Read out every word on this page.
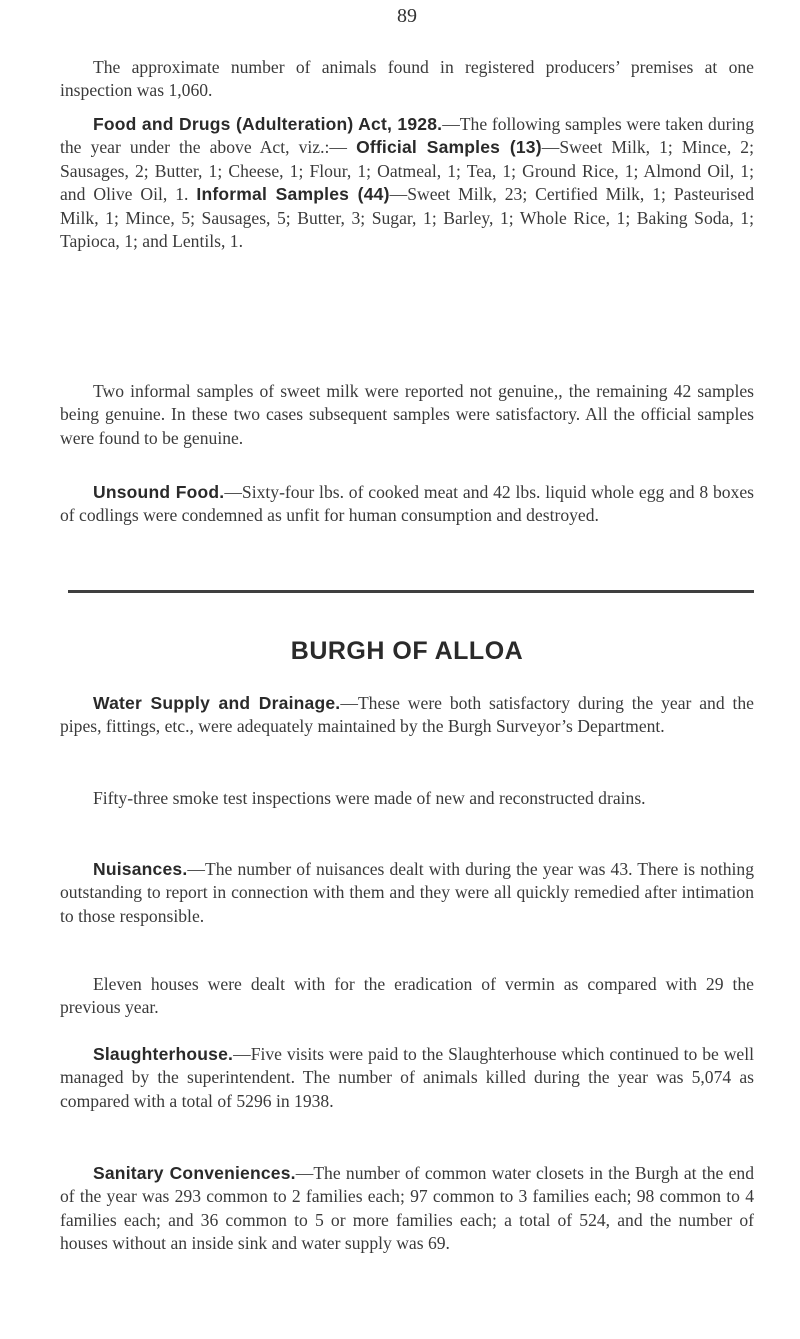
89

The approximate number of animals found in registered producers’ premises at one inspection was 1,060.

Food and Drugs (Adulteration) Act, 1928.—The following samples were taken during the year under the above Act, viz.:— Official Samples (13)—Sweet Milk, 1; Mince, 2; Sausages, 2; Butter, 1; Cheese, 1; Flour, 1; Oatmeal, 1; Tea, 1; Ground Rice, 1; Almond Oil, 1; and Olive Oil, 1. Informal Samples (44)—Sweet Milk, 23; Certified Milk, 1; Pasteurised Milk, 1; Mince, 5; Sausages, 5; Butter, 3; Sugar, 1; Barley, 1; Whole Rice, 1; Baking Soda, 1; Tapioca, 1; and Lentils, 1.

Two informal samples of sweet milk were reported not genuine,, the remaining 42 samples being genuine. In these two cases subsequent samples were satisfactory. All the official samples were found to be genuine.

Unsound Food.—Sixty-four lbs. of cooked meat and 42 lbs. liquid whole egg and 8 boxes of codlings were condemned as unfit for human consumption and destroyed.

BURGH OF ALLOA

Water Supply and Drainage.—These were both satisfactory during the year and the pipes, fittings, etc., were adequately maintained by the Burgh Surveyor’s Department.

Fifty-three smoke test inspections were made of new and reconstructed drains.

Nuisances.—The number of nuisances dealt with during the year was 43. There is nothing outstanding to report in connection with them and they were all quickly remedied after intimation to those responsible.

Eleven houses were dealt with for the eradication of vermin as compared with 29 the previous year.

Slaughterhouse.—Five visits were paid to the Slaughterhouse which continued to be well managed by the superintendent. The number of animals killed during the year was 5,074 as compared with a total of 5296 in 1938.

Sanitary Conveniences.—The number of common water closets in the Burgh at the end of the year was 293 common to 2 families each; 97 common to 3 families each; 98 common to 4 families each; and 36 common to 5 or more families each; a total of 524, and the number of houses without an inside sink and water supply was 69.
